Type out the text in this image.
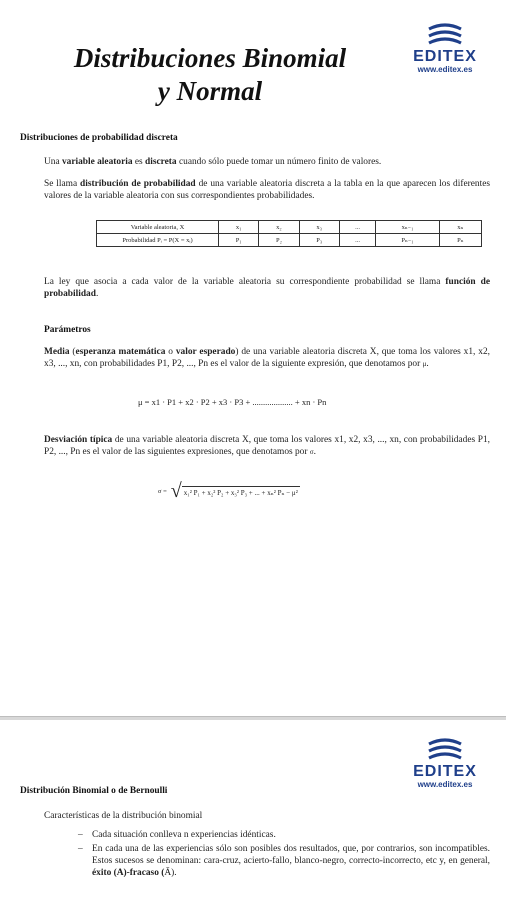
Distribuciones Binomial
y Normal
EDITEX
www.editex.es
Distribuciones de probabilidad discreta
Una variable aleatoria es discreta cuando sólo puede tomar un número finito de valores.
Se llama distribución de probabilidad de una variable aleatoria discreta a la tabla en la que aparecen los diferentes valores de la variable aleatoria con sus correspondientes probabilidades.
Variable aleatoria, X	x₁	x₂	x₃	...	xₙ₋₁	xₙ
Probabilidad Pᵢ = P(X = xᵢ)	P₁	P₂	P₃	...	Pₙ₋₁	Pₙ
La ley que asocia a cada valor de la variable aleatoria su correspondiente probabilidad se llama función de probabilidad.
Parámetros
Media (esperanza matemática o valor esperado) de una variable aleatoria discreta X, que toma los valores x1, x2, x3, ..., xn, con probabilidades P1, P2, ..., Pn es el valor de la siguiente expresión, que denotamos por μ.
μ = x1 · P1 + x2 · P2 + x3 · P3 + ................... + xn · Pn
Desviación típica de una variable aleatoria discreta X, que toma los valores x1, x2, x3, ..., xn, con probabilidades P1, P2, ..., Pn es el valor de las siguientes expresiones, que denotamos por σ.
σ = √ x₁² P₁ + x₂² P₂ + x₃² P₃ + ... + xₙ² Pₙ − μ²
EDITEX
www.editex.es
Distribución Binomial o de Bernoulli
Características de la distribución binomial
– Cada situación conlleva n experiencias idénticas.
– En cada una de las experiencias sólo son posibles dos resultados, que, por contrarios, son incompatibles. Estos sucesos se denominan: cara-cruz, acierto-fallo, blanco-negro, correcto-incorrecto, etc y, en general, éxito (A)-fracaso (Ā).
